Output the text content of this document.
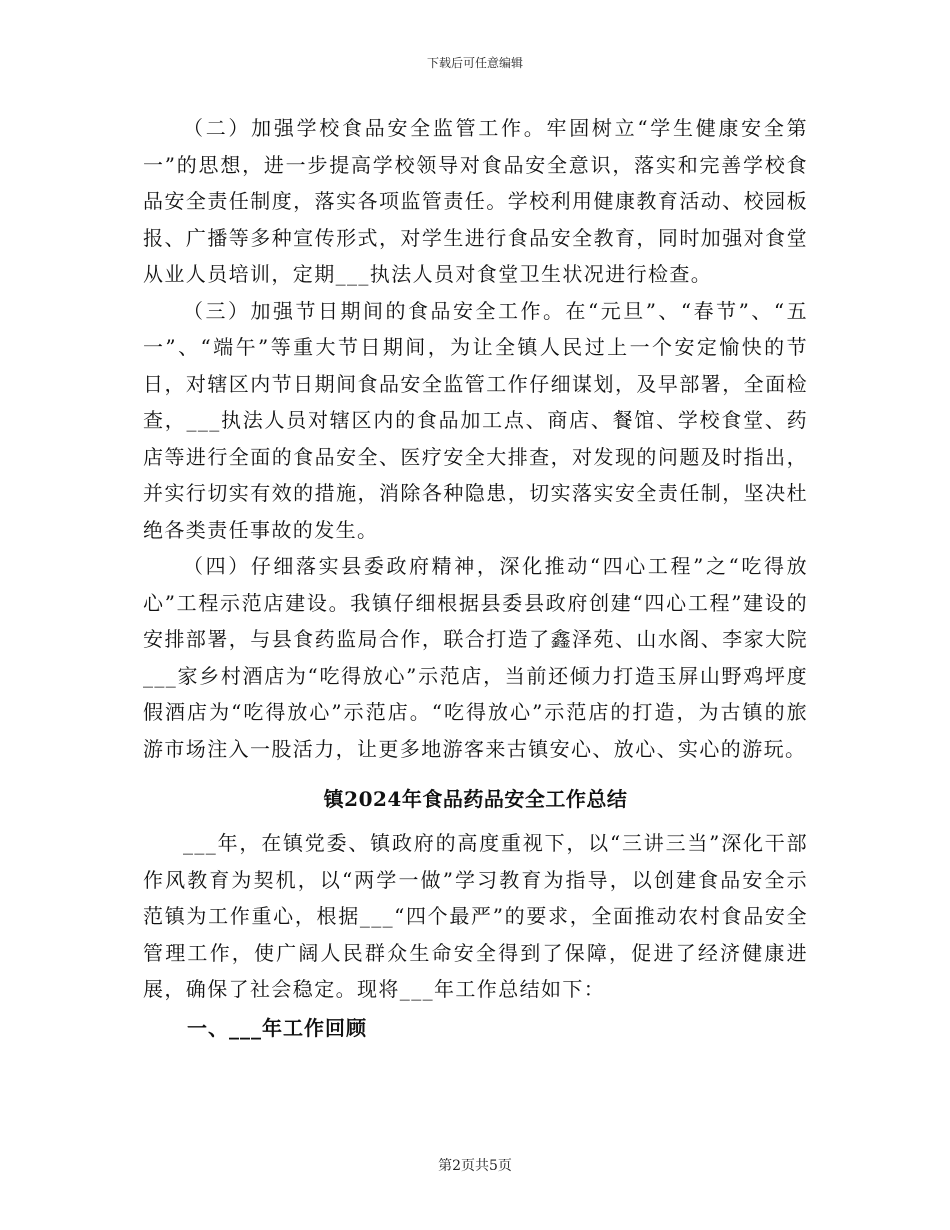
下载后可任意编辑

（二）加强学校食品安全监管工作。牢固树立“学生健康安全第一”的思想，进一步提高学校领导对食品安全意识，落实和完善学校食品安全责任制度，落实各项监管责任。学校利用健康教育活动、校园板报、广播等多种宣传形式，对学生进行食品安全教育，同时加强对食堂从业人员培训，定期___执法人员对食堂卫生状况进行检查。

（三）加强节日期间的食品安全工作。在“元旦”、“春节”、“五一”、“端午”等重大节日期间，为让全镇人民过上一个安定愉快的节日，对辖区内节日期间食品安全监管工作仔细谋划，及早部署，全面检查，___执法人员对辖区内的食品加工点、商店、餐馆、学校食堂、药店等进行全面的食品安全、医疗安全大排查，对发现的问题及时指出，并实行切实有效的措施，消除各种隐患，切实落实安全责任制，坚决杜绝各类责任事故的发生。

（四）仔细落实县委政府精神，深化推动“四心工程”之“吃得放心”工程示范店建设。我镇仔细根据县委县政府创建“四心工程”建设的安排部署，与县食药监局合作，联合打造了鑫泽苑、山水阁、李家大院___家乡村酒店为“吃得放心”示范店，当前还倾力打造玉屏山野鸡坪度假酒店为“吃得放心”示范店。“吃得放心”示范店的打造，为古镇的旅游市场注入一股活力，让更多地游客来古镇安心、放心、实心的游玩。

镇2024年食品药品安全工作总结

___年，在镇党委、镇政府的高度重视下，以“三讲三当”深化干部作风教育为契机，以“两学一做”学习教育为指导，以创建食品安全示范镇为工作重心，根据___“四个最严”的要求，全面推动农村食品安全管理工作，使广阔人民群众生命安全得到了保障，促进了经济健康进展，确保了社会稳定。现将___年工作总结如下：

一、___年工作回顾
第2页共5页
